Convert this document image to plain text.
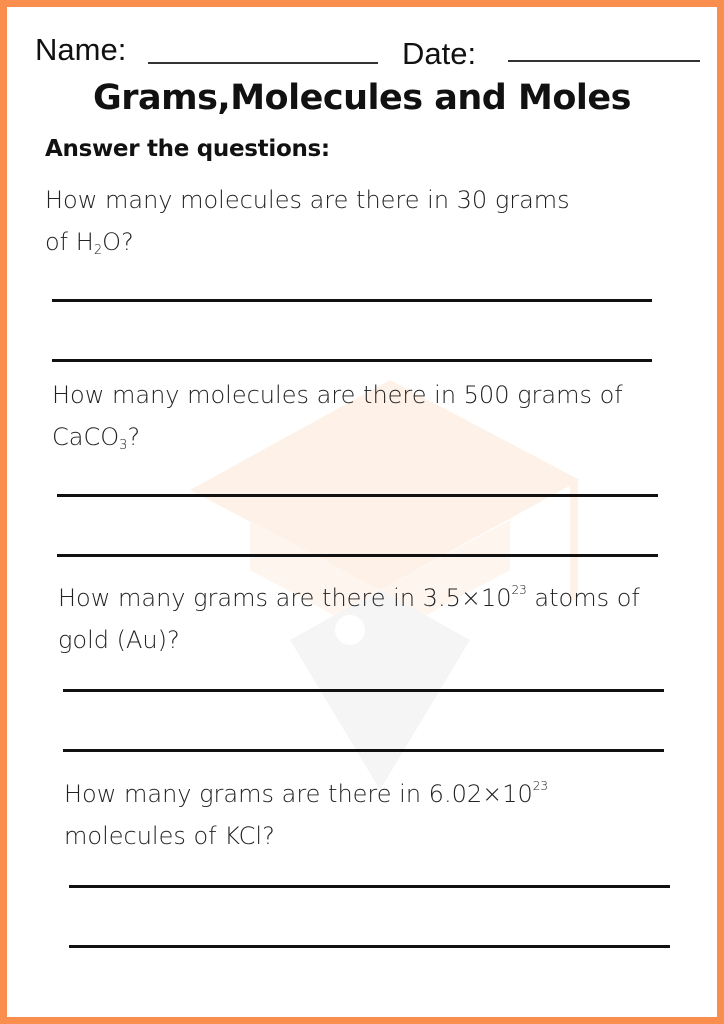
Name:	Date:
Grams,Molecules and Moles
Answer the questions:
How many molecules are there in 30 grams
of $H_2O$?
How many molecules are there in 500 grams of
CaCO$_3$?
How many grams are there in $3.5\times 10^{23}$ atoms of
gold (Au)?
How many grams are there in $6.02\times 10^{23}$
molecules of KCl?
